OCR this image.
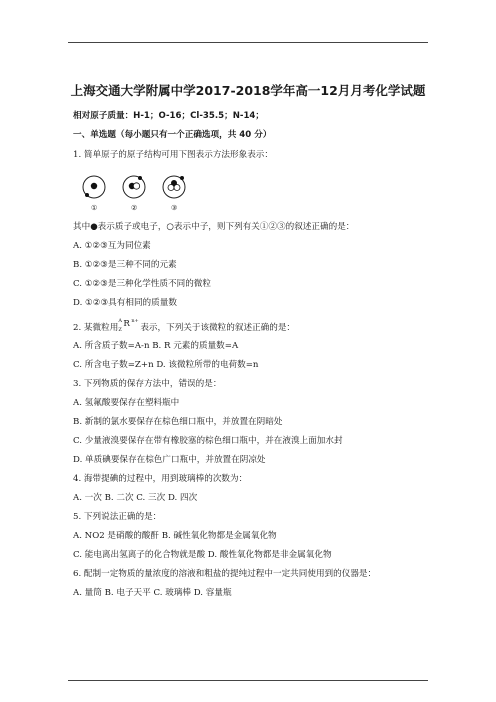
上海交通大学附属中学2017-2018学年高一12月月考化学试题
相对原子质量：H-1；O-16；Cl-35.5；N-14；
一、单选题（每小题只有一个正确选项，共 40 分）
1. 简单原子的原子结构可用下图表示方法形象表示：
①	②	③
其中●表示质子或电子，○表示中子，则下列有关①②③的叙述正确的是：
A. ①②③互为同位素
B. ①②③是三种不同的元素
C. ①②③是三种化学性质不同的微粒
D. ①②③具有相同的质量数
2. 某微粒用
A
Z
R n+
表示，下列关于该微粒的叙述正确的是：
A. 所含质子数=A-n B. R 元素的质量数=A
C. 所含电子数=Z+n D. 该微粒所带的电荷数=n
3. 下列物质的保存方法中，错误的是：
A. 氢氟酸要保存在塑料瓶中
B. 新制的氯水要保存在棕色细口瓶中，并放置在阴暗处
C. 少量液溴要保存在带有橡胶塞的棕色细口瓶中，并在液溴上面加水封
D. 单质碘要保存在棕色广口瓶中，并放置在阴凉处
4. 海带提碘的过程中，用到玻璃棒的次数为：
A. 一次 B. 二次 C. 三次 D. 四次
5. 下列说法正确的是：
A. NO2 是硝酸的酸酐 B. 碱性氧化物都是金属氧化物
C. 能电离出氢离子的化合物就是酸 D. 酸性氧化物都是非金属氧化物
6. 配制一定物质的量浓度的溶液和粗盐的提纯过程中一定共同使用到的仪器是：
A. 量筒 B. 电子天平 C. 玻璃棒 D. 容量瓶
